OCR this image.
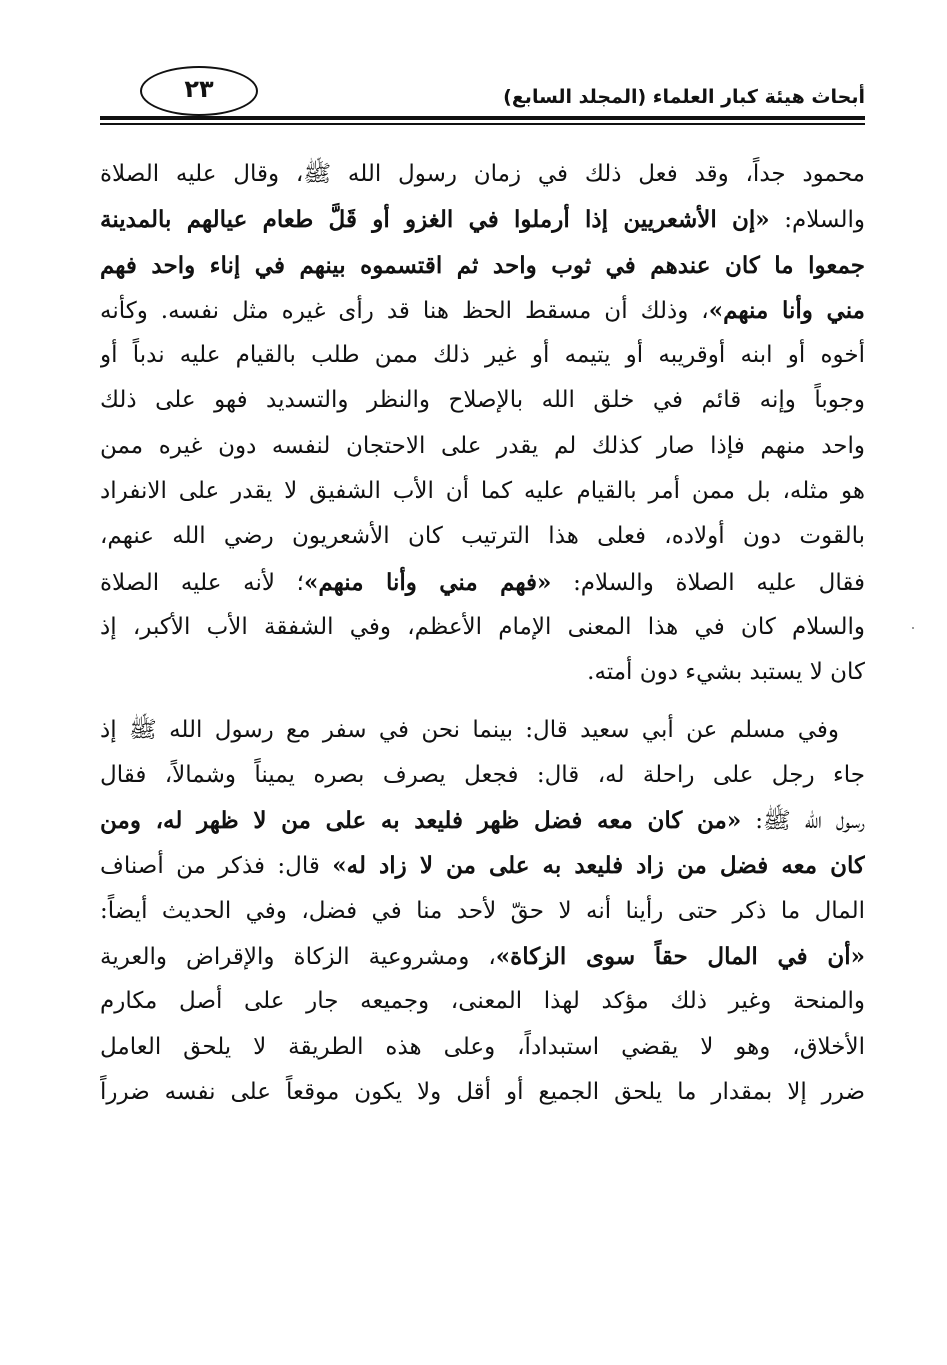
أبحاث هيئة كبار العلماء (المجلد السابع)
٢٣
محمود جداً، وقد فعل ذلك في زمان رسول الله ﷺ، وقال عليه الصلاة
والسلام: «إن الأشعريين إذا أرملوا في الغزو أو قَلَّ طعام عيالهم بالمدينة
جمعوا ما كان عندهم في ثوب واحد ثم اقتسموه بينهم في إناء واحد فهم
مني وأنا منهم»، وذلك أن مسقط الحظ هنا قد رأى غيره مثل نفسه. وكأنه
أخوه أو ابنه أوقريبه أو يتيمه أو غير ذلك ممن طلب بالقيام عليه ندباً أو
وجوباً وإنه قائم في خلق الله بالإصلاح والنظر والتسديد فهو على ذلك
واحد منهم فإذا صار كذلك لم يقدر على الاحتجان لنفسه دون غيره ممن
هو مثله، بل ممن أمر بالقيام عليه كما أن الأب الشفيق لا يقدر على الانفراد
بالقوت دون أولاده، فعلى هذا الترتيب كان الأشعريون رضي الله عنهم،
فقال عليه الصلاة والسلام: «فهم مني وأنا منهم»؛ لأنه عليه الصلاة
والسلام كان في هذا المعنى الإمام الأعظم، وفي الشفقة الأب الأكبر، إذ
كان لا يستبد بشيء دون أمته.
وفي مسلم عن أبي سعيد قال: بينما نحن في سفر مع رسول الله ﷺ إذ
جاء رجل على راحلة له، قال: فجعل يصرف بصره يميناً وشمالاً، فقال
رسول الله ﷺ: «من كان معه فضل ظهر فليعد به على من لا ظهر له، ومن
كان معه فضل من زاد فليعد به على من لا زاد له» قال: فذكر من أصناف
المال ما ذكر حتى رأينا أنه لا حقّ لأحد منا في فضل، وفي الحديث أيضاً:
«أن في المال حقاً سوى الزكاة»، ومشروعية الزكاة والإقراض والعرية
والمنحة وغير ذلك مؤكد لهذا المعنى، وجميعه جار على أصل مكارم
الأخلاق، وهو لا يقضي استبداداً، وعلى هذه الطريقة لا يلحق العامل
ضرر إلا بمقدار ما يلحق الجميع أو أقل ولا يكون موقعاً على نفسه ضرراً
